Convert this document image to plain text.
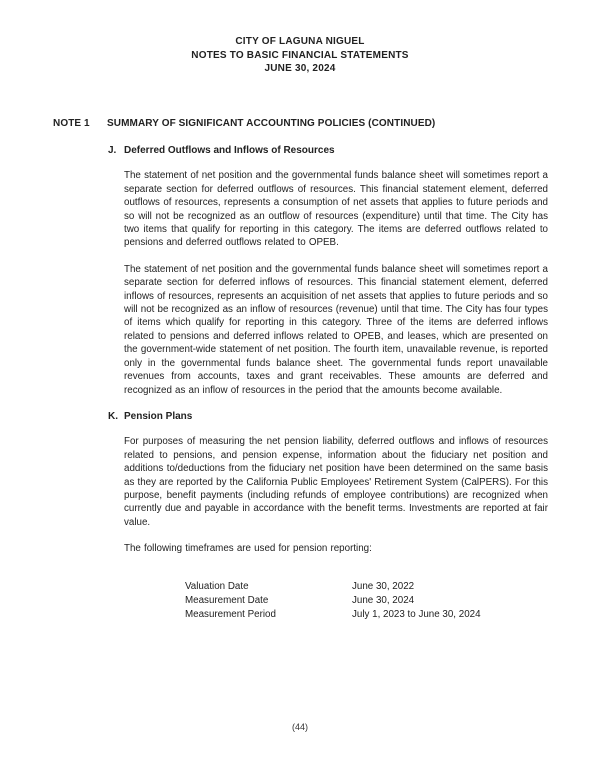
CITY OF LAGUNA NIGUEL
NOTES TO BASIC FINANCIAL STATEMENTS
JUNE 30, 2024
NOTE 1 SUMMARY OF SIGNIFICANT ACCOUNTING POLICIES (CONTINUED)
J. Deferred Outflows and Inflows of Resources

The statement of net position and the governmental funds balance sheet will sometimes report a separate section for deferred outflows of resources. This financial statement element, deferred outflows of resources, represents a consumption of net assets that applies to future periods and so will not be recognized as an outflow of resources (expenditure) until that time. The City has two items that qualify for reporting in this category. The items are deferred outflows related to pensions and deferred outflows related to OPEB.

The statement of net position and the governmental funds balance sheet will sometimes report a separate section for deferred inflows of resources. This financial statement element, deferred inflows of resources, represents an acquisition of net assets that applies to future periods and so will not be recognized as an inflow of resources (revenue) until that time. The City has four types of items which qualify for reporting in this category. Three of the items are deferred inflows related to pensions and deferred inflows related to OPEB, and leases, which are presented on the government-wide statement of net position. The fourth item, unavailable revenue, is reported only in the governmental funds balance sheet. The governmental funds report unavailable revenues from accounts, taxes and grant receivables. These amounts are deferred and recognized as an inflow of resources in the period that the amounts become available.

K. Pension Plans

For purposes of measuring the net pension liability, deferred outflows and inflows of resources related to pensions, and pension expense, information about the fiduciary net position and additions to/deductions from the fiduciary net position have been determined on the same basis as they are reported by the California Public Employees' Retirement System (CalPERS). For this purpose, benefit payments (including refunds of employee contributions) are recognized when currently due and payable in accordance with the benefit terms. Investments are reported at fair value.

The following timeframes are used for pension reporting:

Valuation Date	June 30, 2022
Measurement Date	June 30, 2024
Measurement Period	July 1, 2023 to June 30, 2024
(44)
